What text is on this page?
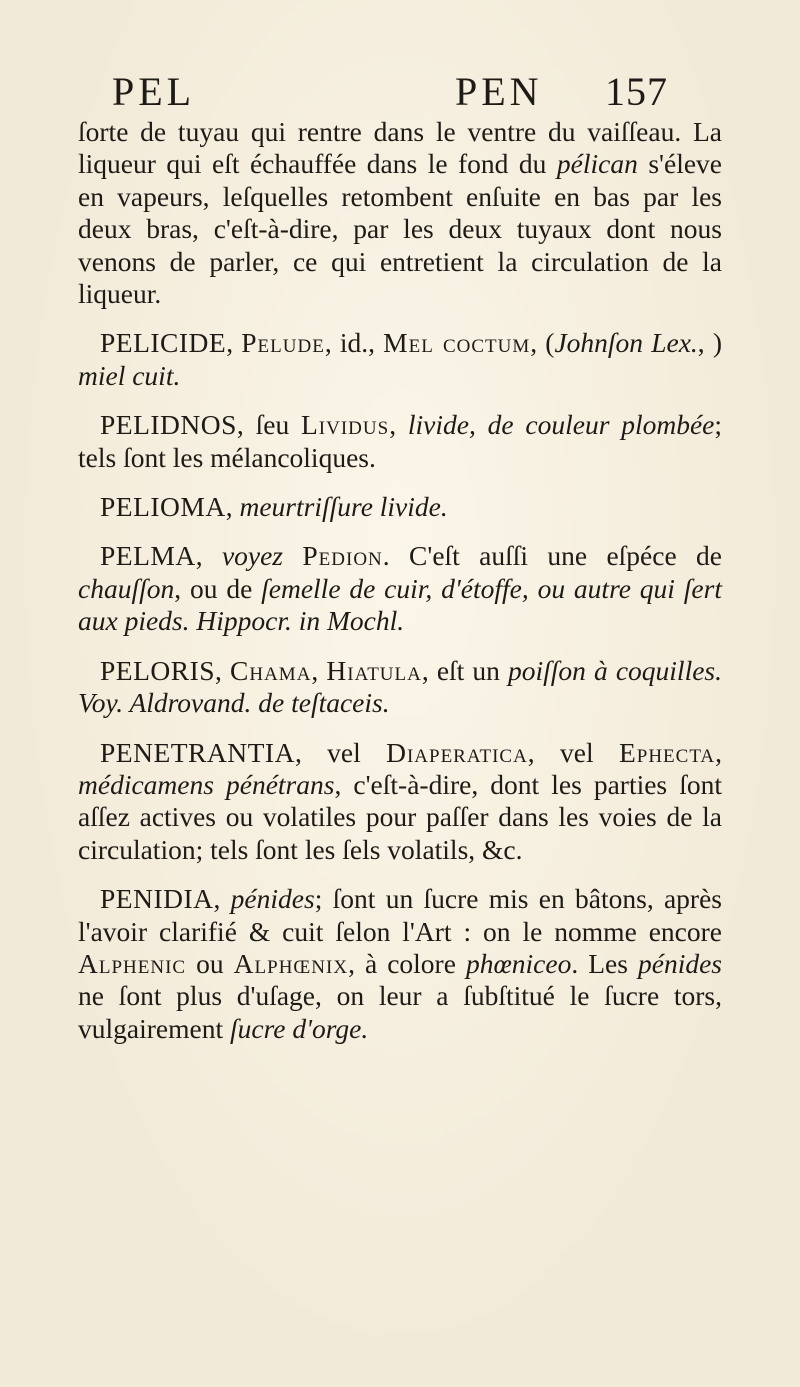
PEL	PEN 157

ſorte de tuyau qui rentre dans le ventre du vaiſſeau. La liqueur qui eſt échauffée dans le fond du pélican s'éleve en vapeurs, leſquelles retombent enſuite en bas par les deux bras, c'eſt-à-dire, par les deux tuyaux dont nous venons de parler, ce qui entretient la circulation de la liqueur.

PELICIDE, Pelude, id., Mel coctum, (Johnſon Lex., ) miel cuit.

PELIDNOS, ſeu Lividus, livide, de couleur plombée; tels ſont les mélancoliques.

PELIOMA, meurtriſſure livide.

PELMA, voyez Pedion. C'eſt auſſi une eſpéce de chauſſon, ou de ſemelle de cuir, d'étoffe, ou autre qui ſert aux pieds. Hippocr. in Mochl.

PELORIS, Chama, Hiatula, eſt un poiſſon à coquilles. Voy. Aldrovand. de teſtaceis.

PENETRANTIA, vel Diaperatica, vel Ephecta, médicamens pénétrans, c'eſt-à-dire, dont les parties ſont aſſez actives ou volatiles pour paſſer dans les voies de la circulation; tels ſont les ſels volatils, &c.

PENIDIA, pénides; ſont un ſucre mis en bâtons, après l'avoir clarifié & cuit ſelon l'Art : on le nomme encore Alphenic ou Alphœnix, à colore phœniceo. Les pénides ne ſont plus d'uſage, on leur a ſubſtitué le ſucre tors, vulgairement ſucre d'orge.
